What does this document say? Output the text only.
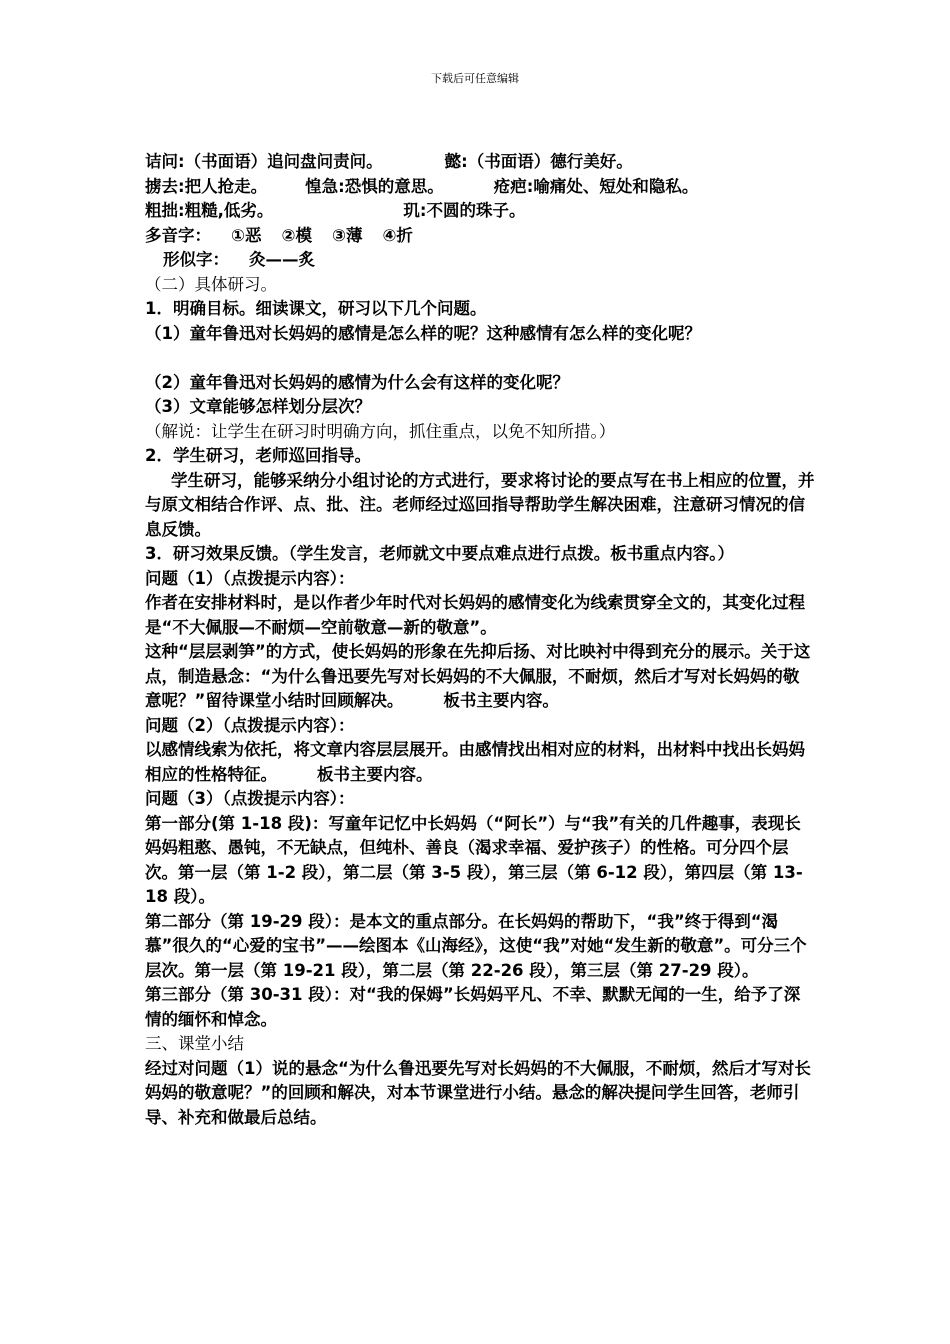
下载后可任意编辑
诘问:（书面语）追问盘问责问。	懿:（书面语）德行美好。
掳去:把人抢走。 惶急:恐惧的意思。	疮疤:喻痛处、短处和隐私。
粗拙:粗糙,低劣。	玑:不圆的珠子。
多音字： ①恶 ②模 ③薄 ④折
形似字： 灸——炙
（二）具体研习。
1．明确目标。细读课文，研习以下几个问题。
（1）童年鲁迅对长妈妈的感情是怎么样的呢？这种感情有怎么样的变化呢？
（2）童年鲁迅对长妈妈的感情为什么会有这样的变化呢？
（3）文章能够怎样划分层次？
（解说：让学生在研习时明确方向，抓住重点，以免不知所措。）
2．学生研习，老师巡回指导。
学生研习，能够采纳分小组讨论的方式进行，要求将讨论的要点写在书上相应的位置，并与原文相结合作评、点、批、注。老师经过巡回指导帮助学生解决困难，注意研习情况的信息反馈。
3．研习效果反馈。（学生发言，老师就文中要点难点进行点拨。板书重点内容。）
问题（1）（点拨提示内容）：
作者在安排材料时，是以作者少年时代对长妈妈的感情变化为线索贯穿全文的，其变化过程是“不大佩服—不耐烦—空前敬意—新的敬意”。
这种“层层剥笋”的方式，使长妈妈的形象在先抑后扬、对比映衬中得到充分的展示。关于这点，制造悬念：“为什么鲁迅要先写对长妈妈的不大佩服，不耐烦，然后才写对长妈妈的敬意呢？”留待课堂小结时回顾解决。 板书主要内容。
问题（2）（点拨提示内容）：
以感情线索为依托，将文章内容层层展开。由感情找出相对应的材料，出材料中找出长妈妈相应的性格特征。 板书主要内容。
问题（3）（点拨提示内容）：
第一部分(第 1-18 段)：写童年记忆中长妈妈（“阿长”）与“我”有关的几件趣事，表现长妈妈粗憨、愚钝，不无缺点，但纯朴、善良（渴求幸福、爱护孩子）的性格。可分四个层次。第一层（第 1-2 段），第二层（第 3-5 段），第三层（第 6-12 段），第四层（第 13-18 段）。
第二部分（第 19-29 段）：是本文的重点部分。在长妈妈的帮助下，“我”终于得到“渴慕”很久的“心爱的宝书”——绘图本《山海经》，这使“我”对她“发生新的敬意”。可分三个层次。第一层（第 19-21 段），第二层（第 22-26 段），第三层（第 27-29 段）。
第三部分（第 30-31 段）：对“我的保姆”长妈妈平凡、不幸、默默无闻的一生，给予了深情的缅怀和悼念。
三、课堂小结
经过对问题（1）说的悬念“为什么鲁迅要先写对长妈妈的不大佩服，不耐烦，然后才写对长妈妈的敬意呢？”的回顾和解决，对本节课堂进行小结。悬念的解决提问学生回答，老师引导、补充和做最后总结。
